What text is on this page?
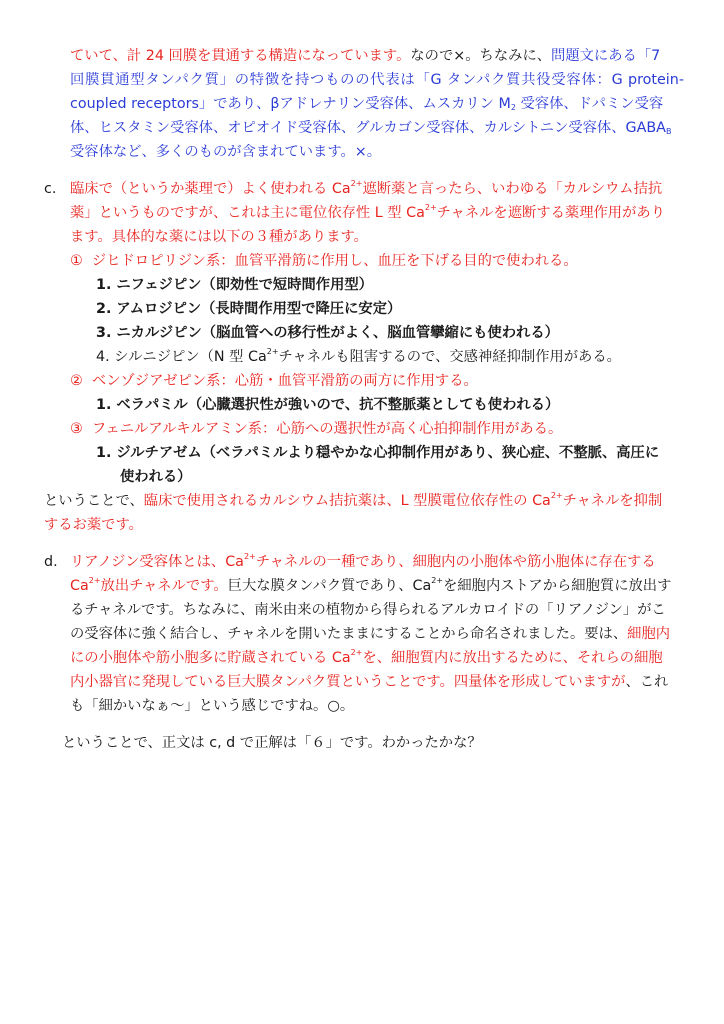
ていて、計 24 回膜を貫通する構造になっています。なので×。ちなみに、問題文にある「7
回膜貫通型タンパク質」の特徴を持つものの代表は「G タンパク質共役受容体：G protein-
coupled receptors」であり、βアドレナリン受容体、ムスカリン $M_2$ 受容体、ドパミン受容
体、ヒスタミン受容体、オピオイド受容体、グルカゴン受容体、カルシトニン受容体、$GABA_B$
受容体など、多くのものが含まれています。×。
c. 臨床で（というか薬理で）よく使われる $Ca^{2+}$遮断薬と言ったら、いわゆる「カルシウム拮抗
薬」というものですが、これは主に電位依存性 L 型 $Ca^{2+}$チャネルを遮断する薬理作用があり
ます。具体的な薬には以下の３種があります。
① ジヒドロピリジン系：血管平滑筋に作用し、血圧を下げる目的で使われる。
1. ニフェジピン（即効性で短時間作用型）
2. アムロジピン（長時間作用型で降圧に安定）
3. ニカルジピン（脳血管への移行性がよく、脳血管攣縮にも使われる）
4. シルニジピン（N 型 $Ca^{2+}$チャネルも阻害するので、交感神経抑制作用がある。
② ベンゾジアゼピン系：心筋・血管平滑筋の両方に作用する。
1. ベラパミル（心臓選択性が強いので、抗不整脈薬としても使われる）
③ フェニルアルキルアミン系：心筋への選択性が高く心拍抑制作用がある。
1. ジルチアゼム（ベラパミルより穏やかな心抑制作用があり、狭心症、不整脈、高圧に
使われる）
ということで、臨床で使用されるカルシウム拮抗薬は、L 型膜電位依存性の $Ca^{2+}$チャネルを抑制
するお薬です。
d. リアノジン受容体とは、$Ca^{2+}$チャネルの一種であり、細胞内の小胞体や筋小胞体に存在する
$Ca^{2+}$放出チャネルです。巨大な膜タンパク質であり、$Ca^{2+}$を細胞内ストアから細胞質に放出す
るチャネルです。ちなみに、南米由来の植物から得られるアルカロイドの「リアノジン」がこ
の受容体に強く結合し、チャネルを開いたままにすることから命名されました。要は、細胞内
にの小胞体や筋小胞多に貯蔵されている $Ca^{2+}$を、細胞質内に放出するために、それらの細胞
内小器官に発現している巨大膜タンパク質ということです。四量体を形成していますが、これ
も「細かいなぁ～」という感じですね。○。
ということで、正文は c, d で正解は「６」です。わかったかな？
